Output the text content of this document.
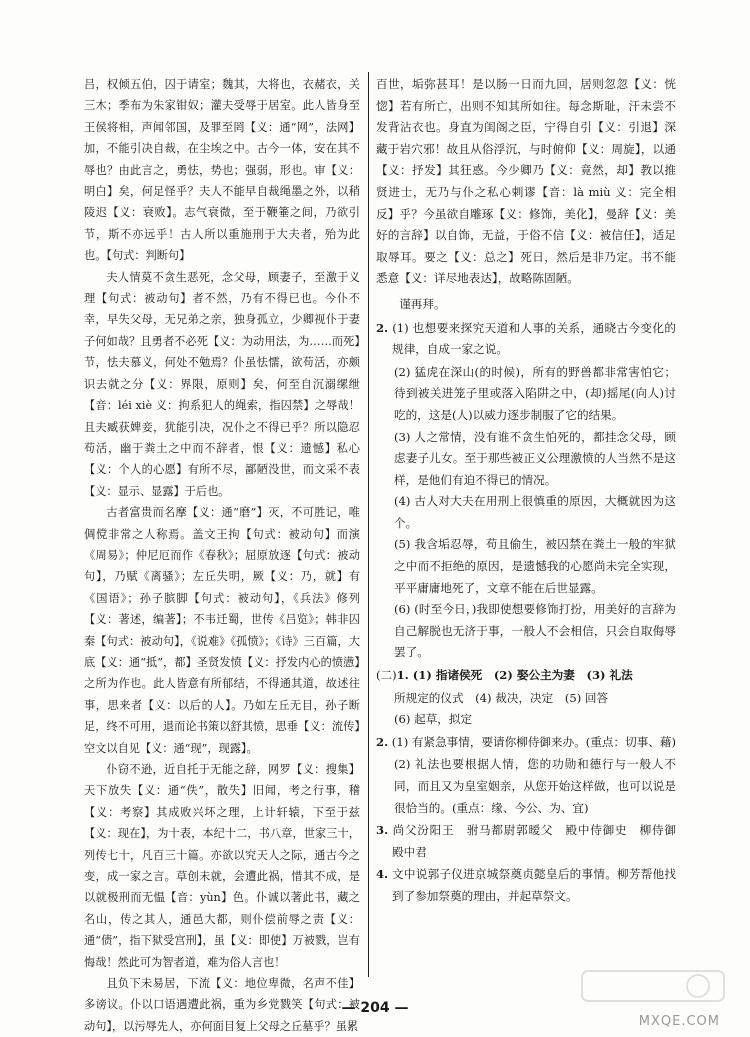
吕，权倾五伯，囚于请室；魏其，大将也，衣赭衣，关三木；季布为朱家钳奴；灌夫受辱于居室。此人皆身至王侯将相，声闻邻国，及罪至罔【义：通“网”，法网】加，不能引决自裁，在尘埃之中。古今一体，安在其不辱也？由此言之，勇怯，势也；强弱，形也。审【义：明白】矣，何足怪乎？夫人不能早自裁绳墨之外，以稍陵迟【义：衰败】。志气衰微，至于鞭箠之间，乃欲引节，斯不亦远乎！古人所以重施刑于大夫者，殆为此也。【句式：判断句】

夫人情莫不贪生恶死，念父母，顾妻子，至激于义理【句式：被动句】者不然，乃有不得已也。今仆不幸，早失父母，无兄弟之亲，独身孤立，少卿视仆于妻子何如哉？且勇者不必死【义：为动用法，为……而死】节，怯夫慕义，何处不勉焉？仆虽怯懦，欲苟活，亦颇识去就之分【义：界限，原则】矣，何至自沉溺缧绁【音：léi xiè 义：拘系犯人的绳索，指囚禁】之辱哉！且夫臧获婢妾，犹能引决，况仆之不得已乎？所以隐忍苟活，幽于粪土之中而不辞者，恨【义：遗憾】私心【义：个人的心愿】有所不尽，鄙陋没世，而文采不表【义：显示、显露】于后也。

古者富贵而名摩【义：通“磨”】灭，不可胜记，唯倜傥非常之人称焉。盖文王拘【句式：被动句】而演《周易》；仲尼厄而作《春秋》；屈原放逐【句式：被动句】，乃赋《离骚》；左丘失明，厥【义：乃，就】有《国语》；孙子膑脚【句式：被动句】，《兵法》修列【义：著述，编著】；不韦迁蜀，世传《吕览》；韩非囚秦【句式：被动句】，《说难》《孤愤》；《诗》三百篇，大底【义：通“抵”，都】圣贤发愤【义：抒发内心的愤懑】之所为作也。此人皆意有所郁结，不得通其道，故述往事，思来者【义：以后的人】。乃如左丘无目，孙子断足，终不可用，退而论书策以舒其愤，思垂【义：流传】空文以自见【义：通“现”，现露】。

仆窃不逊，近自托于无能之辞，网罗【义：搜集】天下放失【义：通“佚”，散失】旧闻，考之行事，稽【义：考察】其成败兴坏之理，上计轩辕，下至于兹【义：现在】，为十表，本纪十二，书八章，世家三十，列传七十，凡百三十篇。亦欲以究天人之际，通古今之变，成一家之言。草创未就，会遭此祸，惜其不成，是以就极刑而无愠【音：yùn】色。仆诚以著此书，藏之名山，传之其人，通邑大都，则仆偿前辱之责【义：通“债”，指下狱受宫刑】，虽【义：即使】万被戮，岂有悔哉！然此可为智者道，难为俗人言也！

且负下未易居，下流【义：地位卑微，名声不佳】多谤议。仆以口语遇遭此祸，重为乡党戮笑【句式：被动句】，以污辱先人，亦何面目复上父母之丘墓乎？虽累

百世，垢弥甚耳！是以肠一日而九回，居则忽忽【义：恍惚】若有所亡，出则不知其所如往。每念斯耻，汗未尝不发背沾衣也。身直为闺阁之臣，宁得自引【义：引退】深藏于岩穴邪！故且从俗浮沉，与时俯仰【义：周旋】，以通【义：抒发】其狂惑。今少卿乃【义：竟然，却】教以推贤进士，无乃与仆之私心剌谬【音：là miù 义：完全相反】乎？今虽欲自雕琢【义：修饰，美化】，曼辞【义：美好的言辞】以自饰，无益，于俗不信【义：被信任】，适足取辱耳。要之【义：总之】死日，然后是非乃定。书不能悉意【义：详尽地表达】，故略陈固陋。

谨再拜。

2. (1) 也想要来探究天道和人事的关系，通晓古今变化的规律，自成一家之说。

(2) 猛虎在深山(的时候)，所有的野兽都非常害怕它；待到被关进笼子里或落入陷阱之中，(却)摇尾(向人)讨吃的，这是(人)以威力逐步制服了它的结果。

(3) 人之常情，没有谁不贪生怕死的，都挂念父母，顾虑妻子儿女。至于那些被正义公理激愤的人当然不是这样，是他们有迫不得已的情况。

(4) 古人对大夫在用刑上很慎重的原因，大概就因为这个。

(5) 我含垢忍辱，苟且偷生，被囚禁在粪土一般的牢狱之中而不拒绝的原因，是遗憾我的心愿尚未完全实现，平平庸庸地死了，文章不能在后世显露。

(6) (时至今日，)我即使想要修饰打扮，用美好的言辞为自己解脱也无济于事，一般人不会相信，只会自取侮辱罢了。

(二)1. (1) 指诸侯死　(2) 娶公主为妻　(3) 礼法

所规定的仪式　(4) 裁决，决定　(5) 回答

(6) 起草，拟定

2. (1) 有紧急事情，要请你柳侍御来办。(重点：切事、藉)

(2) 礼法也要根据人情，您的功勋和德行与一般人不同，而且又为皇室姻亲，从您开始这样做，也可以说是很恰当的。(重点：缘、今公、为、宜)

3. 尚父汾阳王　驸马都尉郭暧父　殿中侍御史　柳侍御　殿中君

4. 文中说郭子仪进京城祭奠贞懿皇后的事情。柳芳帮他找到了参加祭奠的理由，并起草祭文。

— 204 —
MXQE.COM
